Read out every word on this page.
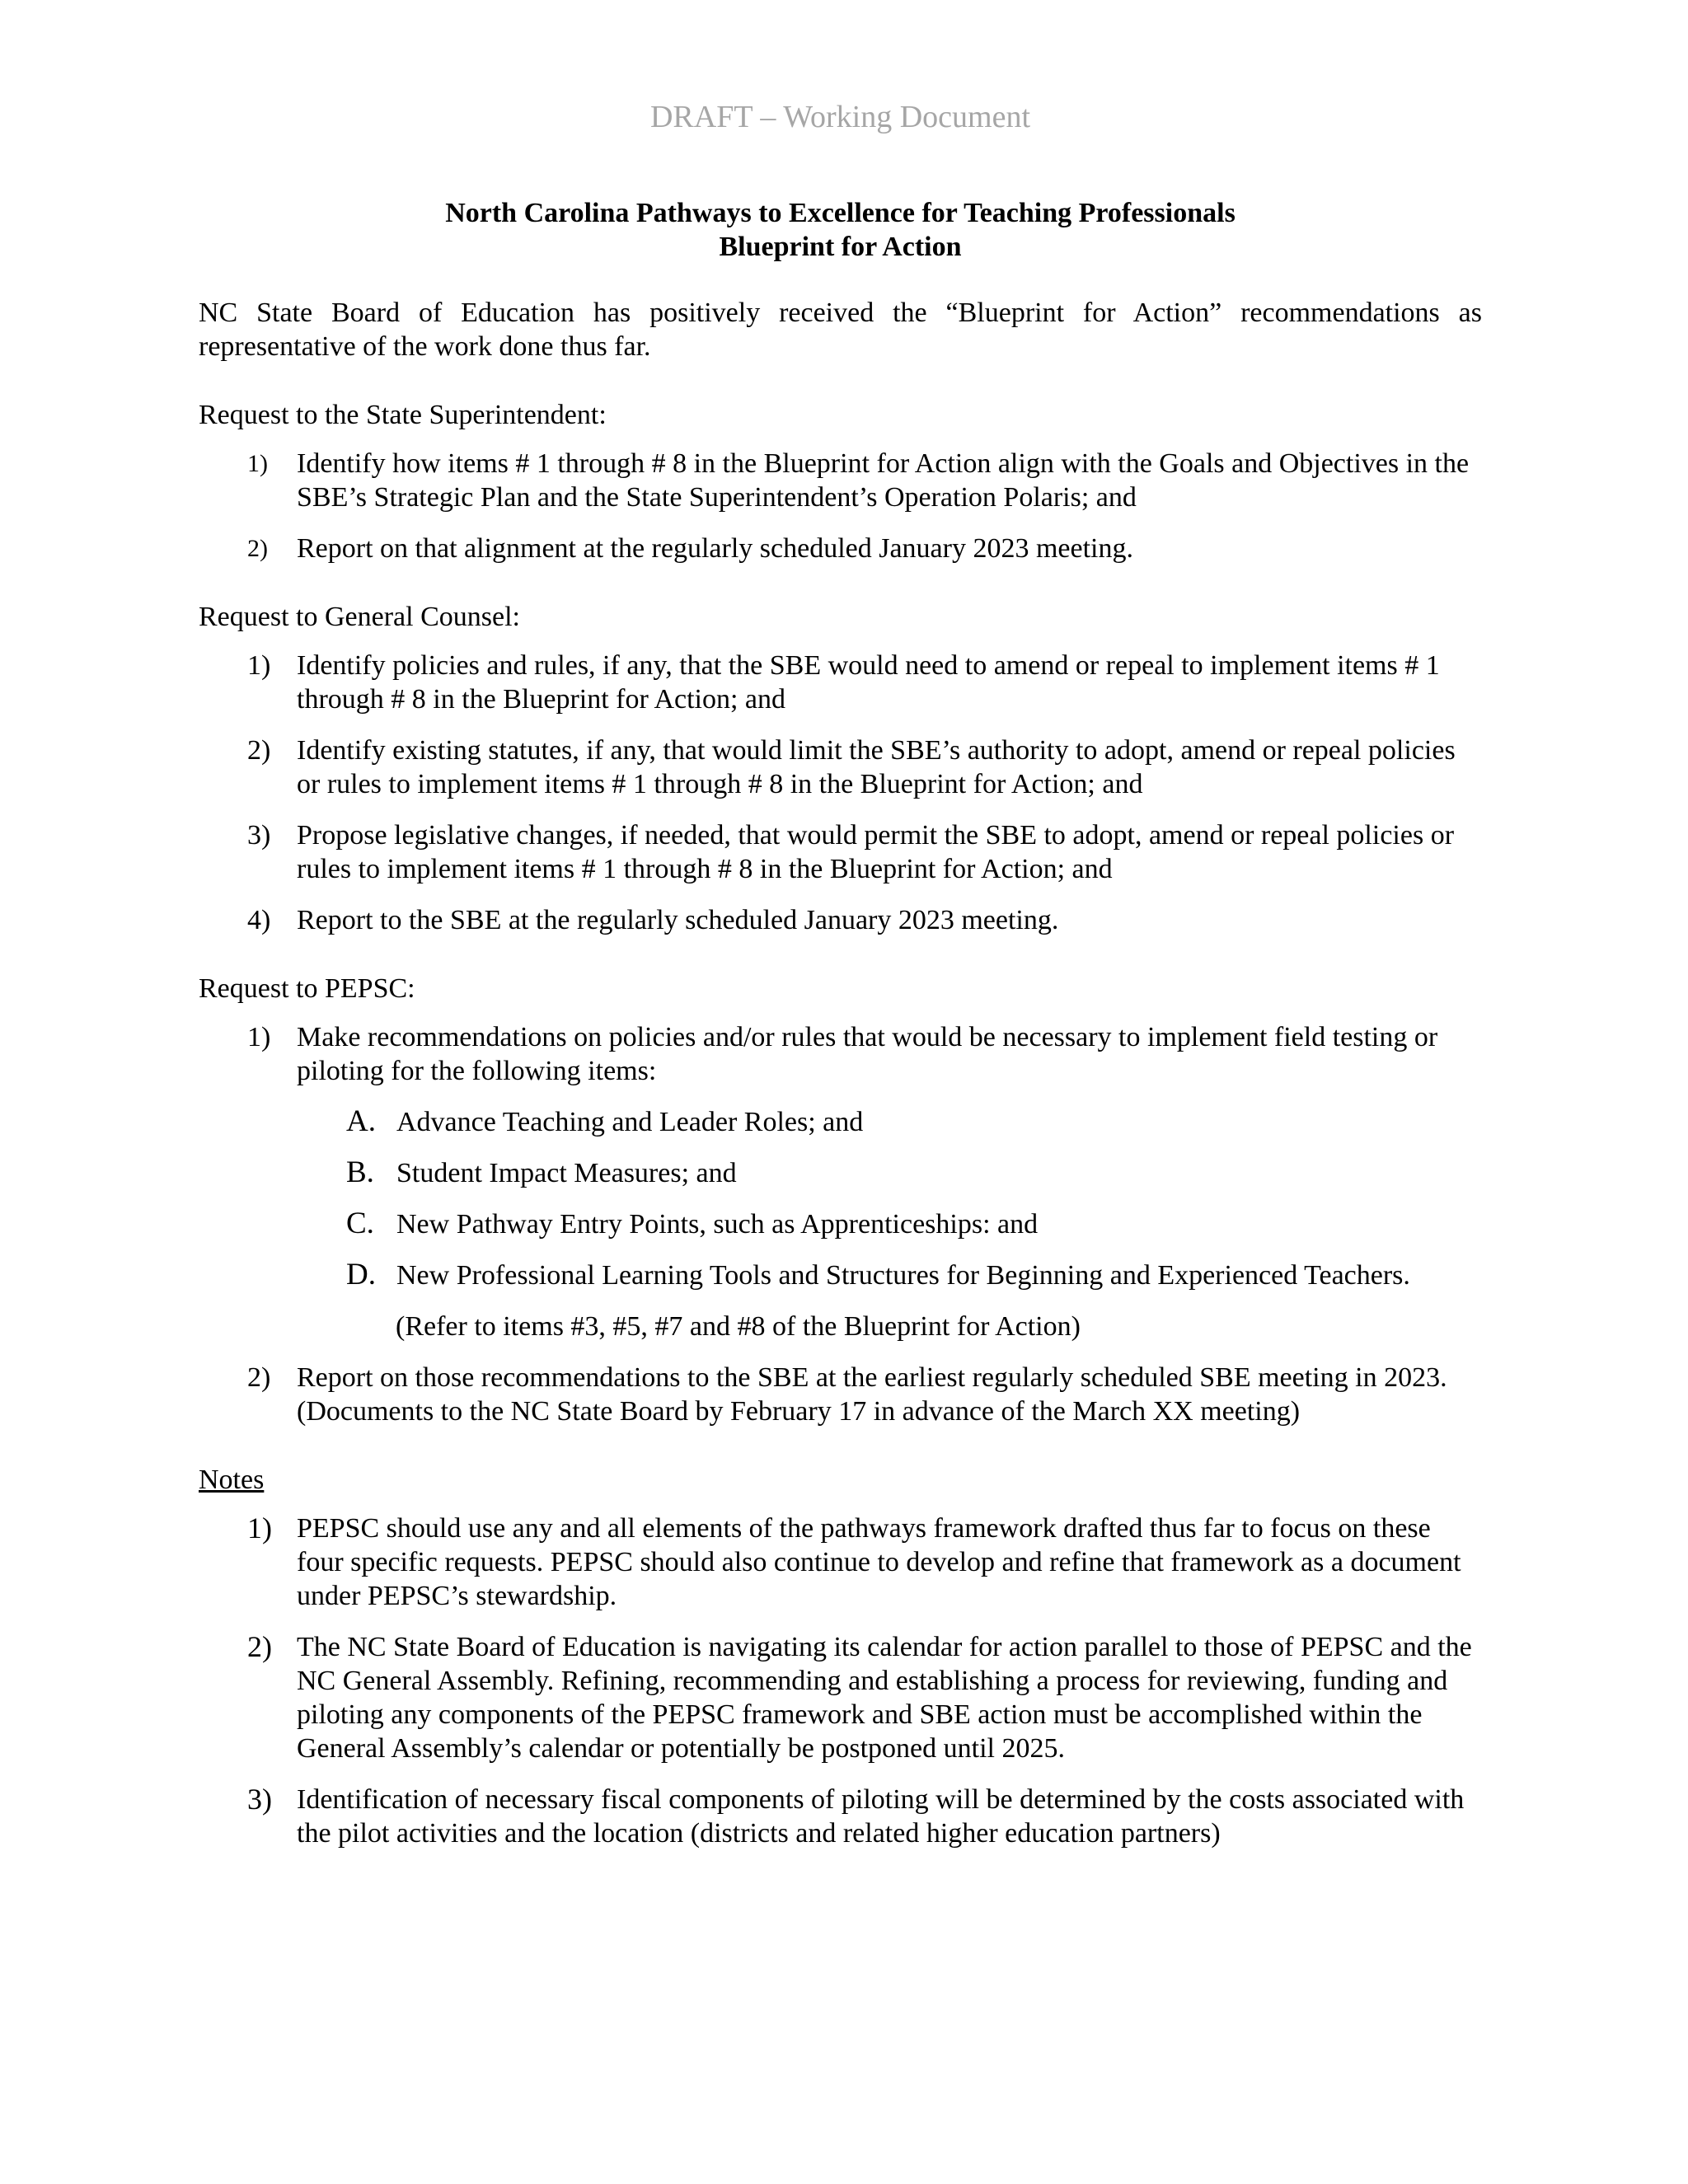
DRAFT – Working Document
North Carolina Pathways to Excellence for Teaching Professionals
Blueprint for Action

NC State Board of Education has positively received the “Blueprint for Action” recommendations as representative of the work done thus far.

Request to the State Superintendent:

1) Identify how items # 1 through # 8 in the Blueprint for Action align with the Goals and Objectives in the SBE’s Strategic Plan and the State Superintendent’s Operation Polaris; and
2) Report on that alignment at the regularly scheduled January 2023 meeting.

Request to General Counsel:

1) Identify policies and rules, if any, that the SBE would need to amend or repeal to implement items # 1 through # 8 in the Blueprint for Action; and
2) Identify existing statutes, if any, that would limit the SBE’s authority to adopt, amend or repeal policies or rules to implement items # 1 through # 8 in the Blueprint for Action; and
3) Propose legislative changes, if needed, that would permit the SBE to adopt, amend or repeal policies or rules to implement items # 1 through # 8 in the Blueprint for Action; and
4) Report to the SBE at the regularly scheduled January 2023 meeting.

Request to PEPSC:

1) Make recommendations on policies and/or rules that would be necessary to implement field testing or piloting for the following items:
A. Advance Teaching and Leader Roles; and
B. Student Impact Measures; and
C. New Pathway Entry Points, such as Apprenticeships: and
D. New Professional Learning Tools and Structures for Beginning and Experienced Teachers.
(Refer to items #3, #5, #7 and #8 of the Blueprint for Action)
2) Report on those recommendations to the SBE at the earliest regularly scheduled SBE meeting in 2023. (Documents to the NC State Board by February 17 in advance of the March XX meeting)

Notes

1) PEPSC should use any and all elements of the pathways framework drafted thus far to focus on these four specific requests. PEPSC should also continue to develop and refine that framework as a document under PEPSC’s stewardship.
2) The NC State Board of Education is navigating its calendar for action parallel to those of PEPSC and the NC General Assembly. Refining, recommending and establishing a process for reviewing, funding and piloting any components of the PEPSC framework and SBE action must be accomplished within the General Assembly’s calendar or potentially be postponed until 2025.
3) Identification of necessary fiscal components of piloting will be determined by the costs associated with the pilot activities and the location (districts and related higher education partners)
